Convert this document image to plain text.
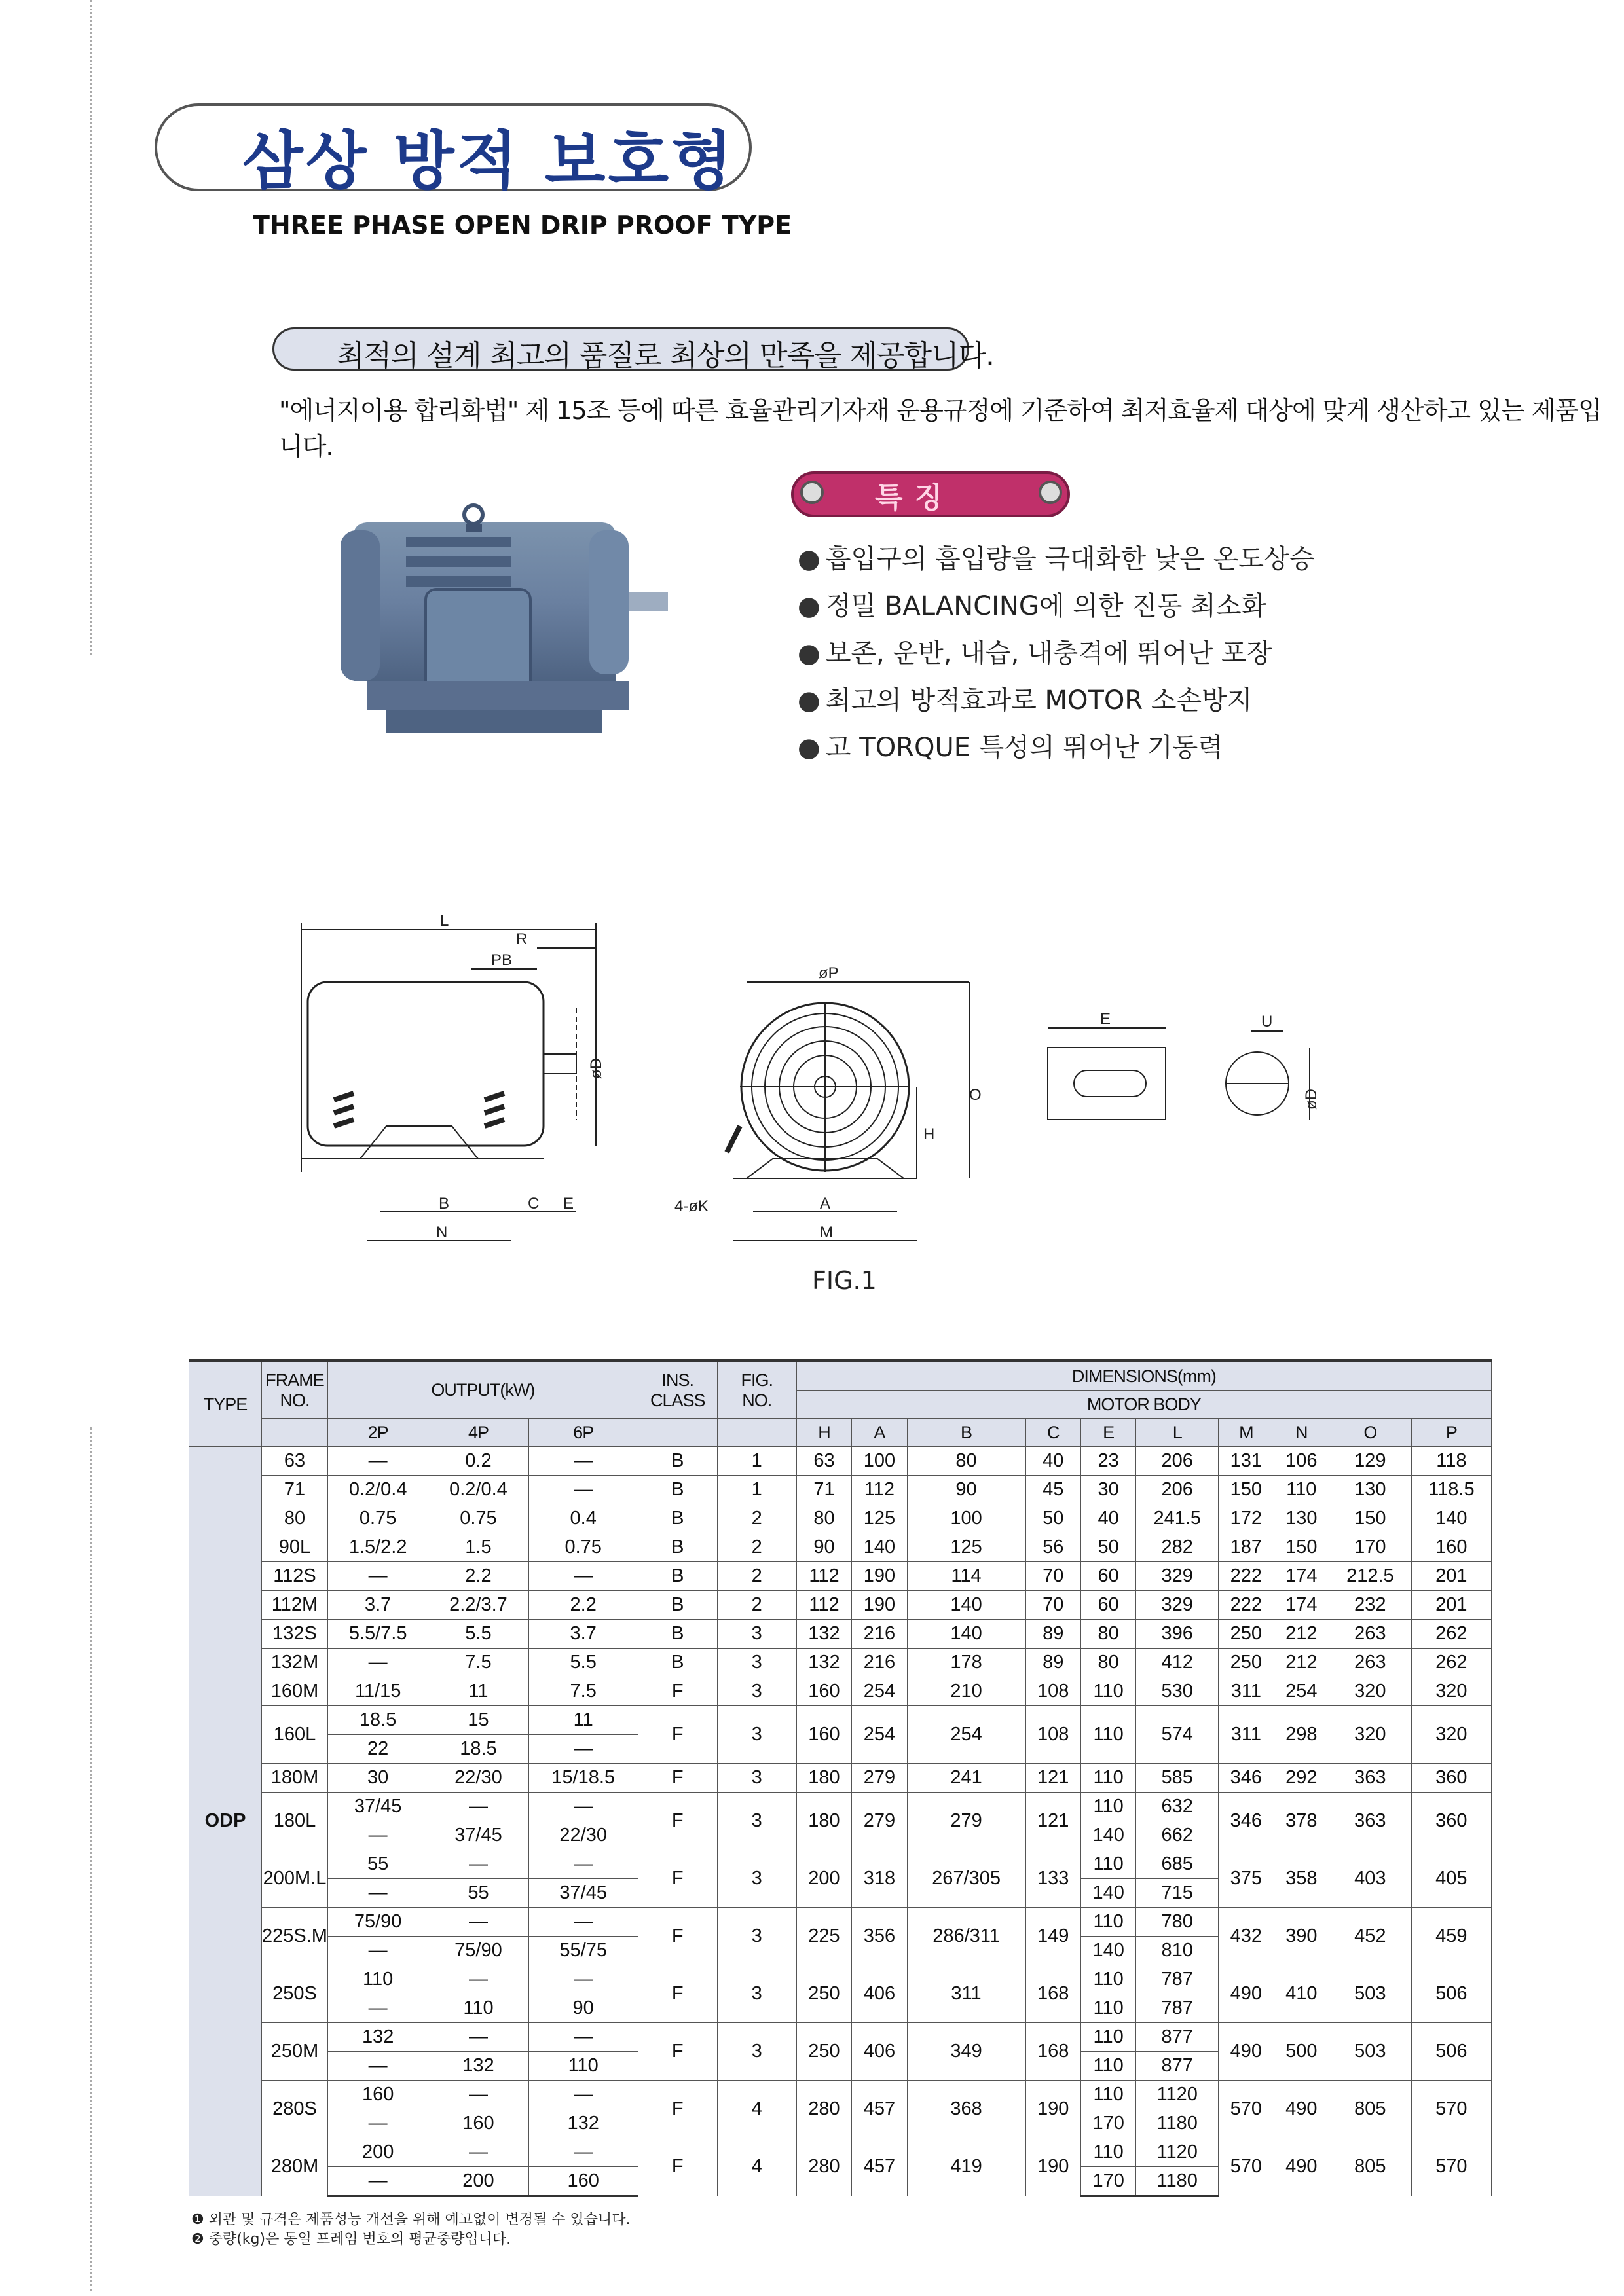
삼상 방적 보호형
THREE PHASE OPEN DRIP PROOF TYPE
최적의 설계 최고의 품질로 최상의 만족을 제공합니다.
"에너지이용 합리화법" 제 15조 등에 따른 효율관리기자재 운용규정에 기준하여 최저효율제 대상에 맞게 생산하고 있는 제품입니다.
특징
● 흡입구의 흡입량을 극대화한 낮은 온도상승
● 정밀 BALANCING에 의한 진동 최소화
● 보존, 운반, 내습, 내충격에 뛰어난 포장
● 최고의 방적효과로 MOTOR 소손방지
● 고 TORQUE 특성의 뛰어난 기동력
L
R
PB
øD
B	C E
N
øP
O
H
A
M
4-øK
E	U
øD
FIG.1
TYPE	FRAME
NO.	OUTPUT(kW)			INS.
CLASS	FIG.
NO.	DIMENSIONS(mm)									
							MOTOR BODY									
		2P	4P	6P			H	A	B	C	E	L	M	N	O	P
ODP	63	—	0.2	—	B	1	63	100	80	40	23	206	131	106	129	118
	71	0.2/0.4	0.2/0.4	—	B	1	71	112	90	45	30	206	150	110	130	118.5
	80	0.75	0.75	0.4	B	2	80	125	100	50	40	241.5	172	130	150	140
	90L	1.5/2.2	1.5	0.75	B	2	90	140	125	56	50	282	187	150	170	160
	112S	—	2.2	—	B	2	112	190	114	70	60	329	222	174	212.5	201
	112M	3.7	2.2/3.7	2.2	B	2	112	190	140	70	60	329	222	174	232	201
	132S	5.5/7.5	5.5	3.7	B	3	132	216	140	89	80	396	250	212	263	262
	132M	—	7.5	5.5	B	3	132	216	178	89	80	412	250	212	263	262
	160M	11/15	11	7.5	F	3	160	254	210	108	110	530	311	254	320	320
	160L	18.5	15	11	F	3	160	254	254	108	110	574	311	298	320	320
		22	18.5	—												
	180M	30	22/30	15/18.5	F	3	180	279	241	121	110	585	346	292	363	360
	180L	37/45	—	—	F	3	180	279	279	121	110	632	346	378	363	360
		—	37/45	22/30							140	662				
	200M.L	55	—	—	F	3	200	318	267/305	133	110	685	375	358	403	405
		—	55	37/45							140	715				
	225S.M	75/90	—	—	F	3	225	356	286/311	149	110	780	432	390	452	459
		—	75/90	55/75							140	810				
	250S	110	—	—	F	3	250	406	311	168	110	787	490	410	503	506
		—	110	90							110	787				
	250M	132	—	—	F	3	250	406	349	168	110	877	490	500	503	506
		—	132	110							110	877				
	280S	160	—	—	F	4	280	457	368	190	110	1120	570	490	805	570
		—	160	132							170	1180				
	280M	200	—	—	F	4	280	457	419	190	110	1120	570	490	805	570
		—	200	160							170	1180				
❶ 외관 및 규격은 제품성능 개선을 위해 예고없이 변경될 수 있습니다.
❷ 중량(kg)은 동일 프레임 번호의 평균중량입니다.
